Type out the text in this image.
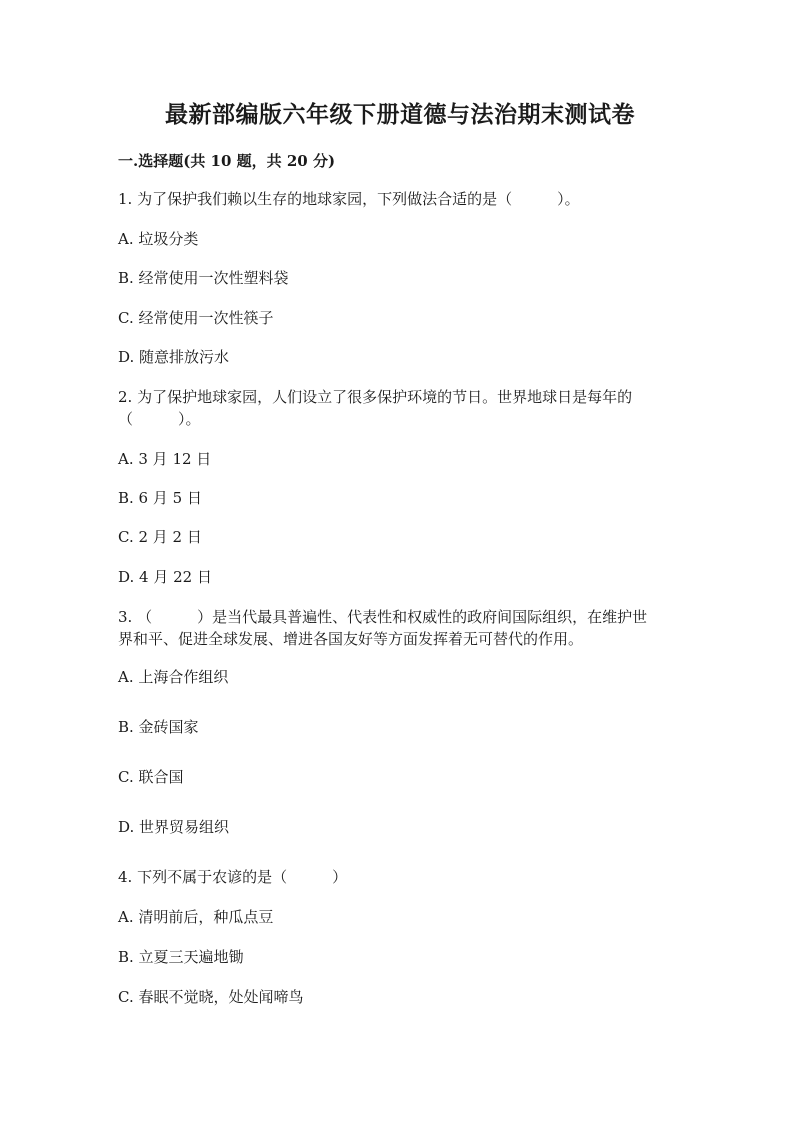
最新部编版六年级下册道德与法治期末测试卷
一.选择题(共 10 题，共 20 分)
1. 为了保护我们赖以生存的地球家园，下列做法合适的是（　　　）。
A. 垃圾分类
B. 经常使用一次性塑料袋
C. 经常使用一次性筷子
D. 随意排放污水
2. 为了保护地球家园，人们设立了很多保护环境的节日。世界地球日是每年的
（　　　）。
A. 3 月 12 日
B. 6 月 5 日
C. 2 月 2 日
D. 4 月 22 日
3. （　　　）是当代最具普遍性、代表性和权威性的政府间国际组织，在维护世
界和平、促进全球发展、增进各国友好等方面发挥着无可替代的作用。
A. 上海合作组织
B. 金砖国家
C. 联合国
D. 世界贸易组织
4. 下列不属于农谚的是（　　　）
A. 清明前后，种瓜点豆
B. 立夏三天遍地锄
C. 春眠不觉晓，处处闻啼鸟
